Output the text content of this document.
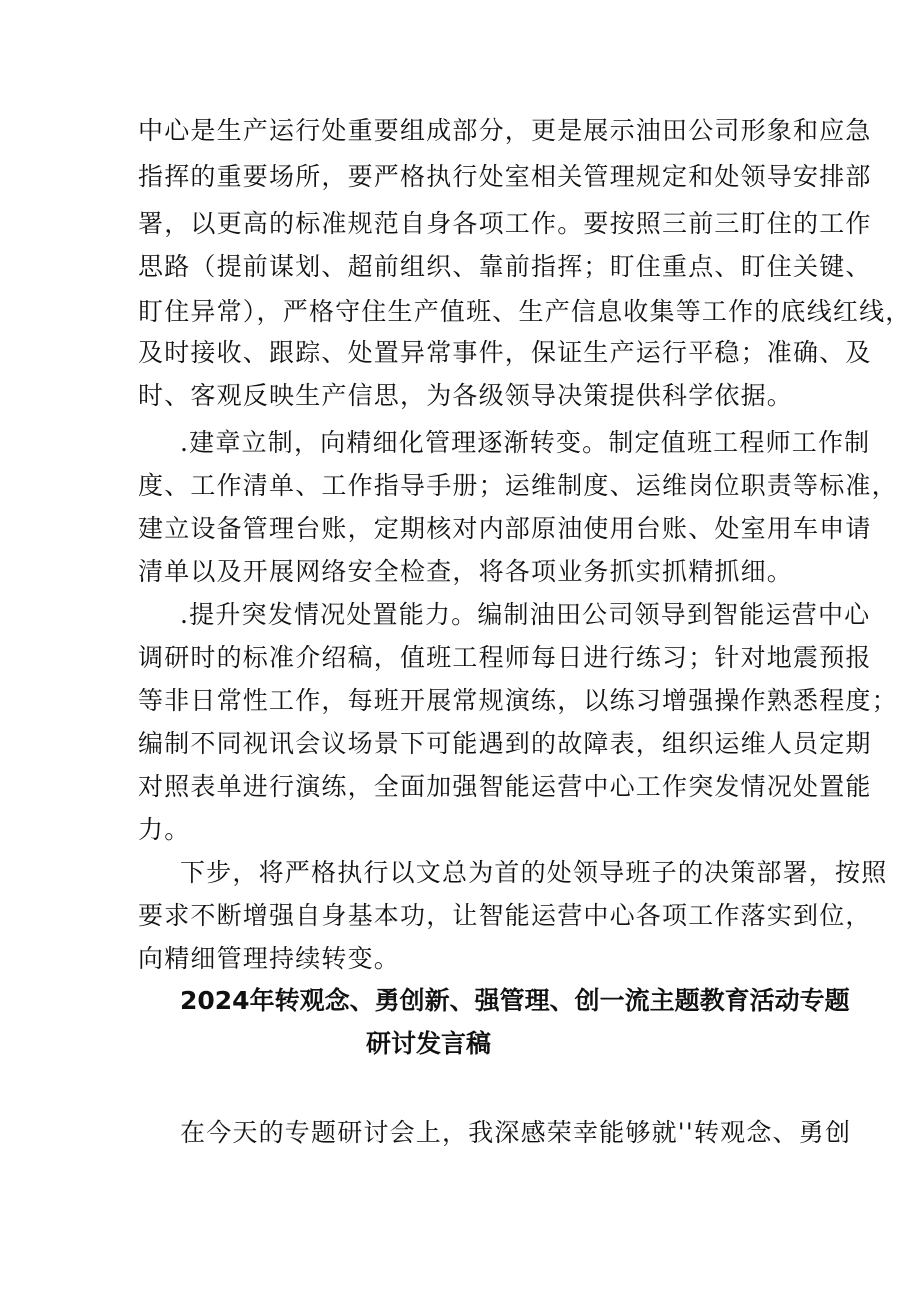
中心是生产运行处重要组成部分，更是展示油田公司形象和应急
指挥的重要场所，要严格执行处室相关管理规定和处领导安排部
署，以更高的标准规范自身各项工作。要按照三前三盯住的工作
思路（提前谋划、超前组织、靠前指挥；盯住重点、盯住关键、
盯住异常），严格守住生产值班、生产信息收集等工作的底线红线，
及时接收、跟踪、处置异常事件，保证生产运行平稳；准确、及
时、客观反映生产信思，为各级领导决策提供科学依据。
.建章立制，向精细化管理逐渐转变。制定值班工程师工作制
度、工作清单、工作指导手册；运维制度、运维岗位职责等标准，
建立设备管理台账，定期核对内部原油使用台账、处室用车申请
清单以及开展网络安全检查，将各项业务抓实抓精抓细。
.提升突发情况处置能力。编制油田公司领导到智能运营中心
调研时的标准介绍稿，值班工程师每日进行练习；针对地震预报
等非日常性工作，每班开展常规演练，以练习增强操作熟悉程度；
编制不同视讯会议场景下可能遇到的故障表，组织运维人员定期
对照表单进行演练，全面加强智能运营中心工作突发情况处置能
力。
下步，将严格执行以文总为首的处领导班子的决策部署，按照
要求不断增强自身基本功，让智能运营中心各项工作落实到位，
向精细管理持续转变。
2024年转观念、勇创新、强管理、创一流主题教育活动专题
研讨发言稿
在今天的专题研讨会上，我深感荣幸能够就''转观念、勇创
